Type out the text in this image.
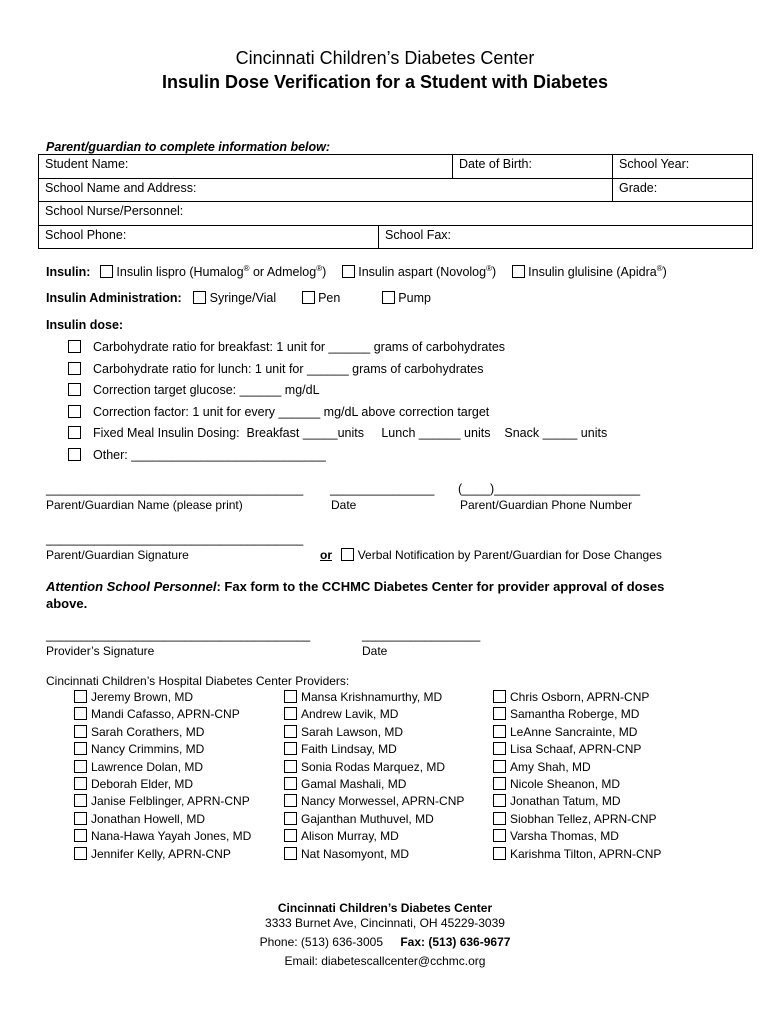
Cincinnati Children’s Diabetes Center
Insulin Dose Verification for a Student with Diabetes
Parent/guardian to complete information below:
Student Name:		Date of Birth:	School Year:
School Name and Address:			Grade:
School Nurse/Personnel:			
School Phone:	School Fax:		
Insulin: Insulin lispro (Humalog® or Admelog®)	Insulin aspart (Novolog®)	Insulin glulisine (Apidra®)
Insulin Administration: Syringe/Vial	Pen	Pump
Insulin dose:
Carbohydrate ratio for breakfast: 1 unit for ______ grams of carbohydrates
Carbohydrate ratio for lunch: 1 unit for ______ grams of carbohydrates
Correction target glucose: ______ mg/dL
Correction factor: 1 unit for every ______ mg/dL above correction target
Fixed Meal Insulin Dosing:  Breakfast _____units     Lunch ______ units    Snack _____ units
Other: ____________________________
_____________________________________ _______________ (____)_____________________
Parent/Guardian Name (please print)	Date	Parent/Guardian Phone Number
_____________________________________
Parent/Guardian Signature	or Verbal Notification by Parent/Guardian for Dose Changes
Attention School Personnel: Fax form to the CCHMC Diabetes Center for provider approval of doses
above.
______________________________________	_________________
Provider’s Signature	Date
Cincinnati Children’s Hospital Diabetes Center Providers:
Jeremy Brown, MD
Mandi Cafasso, APRN-CNP
Sarah Corathers, MD
Nancy Crimmins, MD
Lawrence Dolan, MD
Deborah Elder, MD
Janise Felblinger, APRN-CNP
Jonathan Howell, MD
Nana-Hawa Yayah Jones, MD
Jennifer Kelly, APRN-CNP
Mansa Krishnamurthy, MD
Andrew Lavik, MD
Sarah Lawson, MD
Faith Lindsay, MD
Sonia Rodas Marquez, MD
Gamal Mashali, MD
Nancy Morwessel, APRN-CNP
Gajanthan Muthuvel, MD
Alison Murray, MD
Nat Nasomyont, MD
Chris Osborn, APRN-CNP
Samantha Roberge, MD
LeAnne Sancrainte, MD
Lisa Schaaf, APRN-CNP
Amy Shah, MD
Nicole Sheanon, MD
Jonathan Tatum, MD
Siobhan Tellez, APRN-CNP
Varsha Thomas, MD
Karishma Tilton, APRN-CNP
Cincinnati Children’s Diabetes Center
3333 Burnet Ave, Cincinnati, OH 45229-3039
Phone: (513) 636-3005 Fax: (513) 636-9677
Email: diabetescallcenter@cchmc.org
